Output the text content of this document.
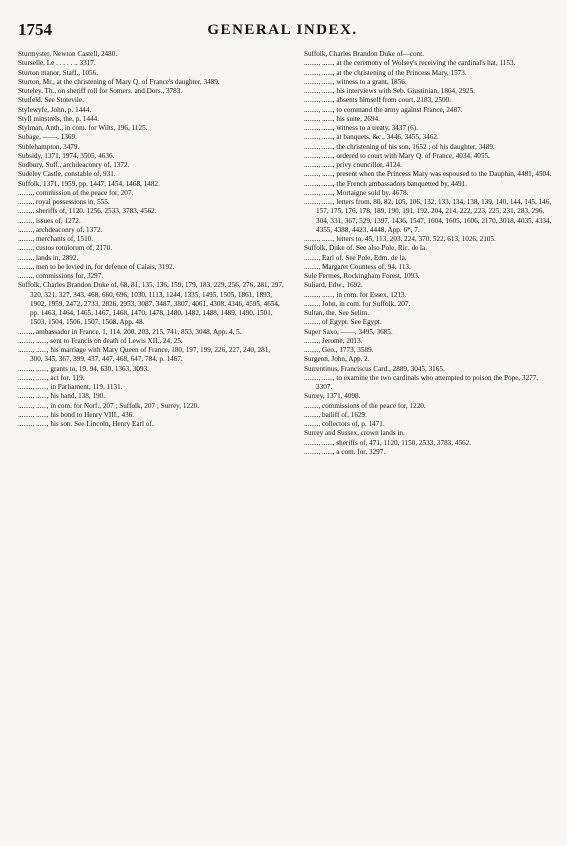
1754	GENERAL INDEX.

Sturmyster, Newton Castell, 2480.

Sturselle, Le . . . . . ., 3317.

Sturton manor, Staff., 1056.

Sturton, Mr., at the christening of Mary Q. of France's daughter, 3489.

Stuteley, Th., on sheriff roll for Somers. and Dors., 3783.

Stutfeld. See Stotevile.

Stylewyfe, John, p. 1444.

Styll minstrels, the, p. 1444.

Stylman, Anth., in com. for Wilts, 196, 1125.

Subage, ——, 1369.

Sublehampton, 3479.

Subsidy, 1371, 1974, 3505, 4636.

Sudbury, Suff., archdeaconry of, 1372.

Sudeley Castle, constable of, 931.

Suffolk, 1371, 1959, pp. 1447, 1454, 1468, 1482.

........, commission of the peace for, 207.

........, royal possessions in, 555.

........, sheriffs of, 1120, 1256, 2533, 3783, 4562.

........, issues of, 1272.

........, archdeaconry of, 1372.

........, merchants of, 1510.

........, custos rotulorum of, 2170.

........, lands in, 2892.

........, men to be levied in, for defence of Calais, 3192.

........, commissions for, 3297.

Suffolk, Charles Brandon Duke of, 68, 81, 135, 136, 159, 179, 183, 229, 256, 276, 281, 297, 320, 321, 327, 343, 468, 660, 696, 1030, 1113, 1244, 1335, 1495, 1505, 1861, 1893, 1902, 1959, 2472, 2733, 2826, 2953, 3087, 3487, 3807, 4061, 4308, 4346, 4595, 4654, pp. 1463, 1464, 1465, 1467, 1468, 1470, 1478, 1480, 1482, 1488, 1489, 1490, 1501, 1503, 1504, 1506, 1507, 1508, App. 48.

........, ambassador in France, 1, 114, 200, 203, 215, 741, 853, 3048, App. 4, 5.

........, ......, sent to Francis on death of Lewis XII., 24, 25.

........, ......, his marriage with Mary Queen of France, 180, 197, 199, 226, 227, 240, 281, 300, 345, 367, 399, 437, 447, 468, 647, 784, p. 1467.

........, ......, grants to, 19, 94, 630, 1363, 3093.

........, ......, act for, 119.

........, ......, in Parliament, 119, 1131.

........, ......, his hand, 138, 190.

........, ......, in com. for Norf., 207 ; Suffolk, 207 ; Surrey, 1220.

........, ......, his bond to Henry VIII., 436.

........, ......, his son. See Lincoln, Henry Earl of.

Suffolk, Charles Brandon Duke of—cont.

........, ......, at the ceremony of Wolsey's receiving the cardinal's hat, 1153.

........, ......, at the christening of the Princess Mary, 1573.

........, ......, witness to a grant, 1856.

........, ......, his interviews with Seb. Giustinian, 1864, 2925.

........, ......, absents himself from court, 2183, 2500.

........, ......, to command the army against France, 2487.

........, ......, his suite, 2694.

........, ......, witness to a treaty, 3437 (6).

........, ......, at banquets, &c., 3446, 3455, 3462.

........, ......, the christening of his son, 1652 ; of his daughter, 3489.

........, ......, ordered to court with Mary Q. of France, 4034, 4055.

........, ......, privy councillor, 4124.

........, ......, present when the Princess Mary was espoused to the Dauphin, 4481, 4504.

........, ......, the French ambassadors banquetted by, 4491.

........, ......, Mortaigne sold by, 4678.

........, ......, letters from, 80, 82, 105, 106, 132, 133, 134, 138, 139, 140, 144, 145, 146, 157, 175, 176, 178, 189, 190, 191, 192, 204, 214, 222, 223, 225, 231, 283, 296, 304, 331, 367, 529, 1397, 1436, 1547, 1604, 1605, 1606, 2170, 3018, 4035, 4334, 4355, 4388, 4423, 4448, App. 6*, 7.

........, ......, letters to, 45, 113, 203, 224, 370, 522, 613, 1026, 2105.

Suffolk, Duke of. See also Pole, Ric. de la.

........, Earl of. See Pole, Edm. de la.

........, Margaret Countess of, 94, 113.

Sule Fermes, Rockingham Forest, 1093.

Suliard, Edw., 1692.

........, ......, in com. for Essex, 1213.

........, John, in com. for Suffolk, 207.

Sultan, the. See Selim.

........, of Egypt. See Egypt.

Super Saxo, ——, 3495, 3685.

........, Jerome, 2013.

........, Geo., 1773, 3589.

Surgeon, John, App. 2.

Surrentinus, Franciscus Card., 2889, 3045, 3165.

........, ......, to examine the two cardinals who attempted to poison the Pope, 3277, 3307.

Surrey, 1371, 4098.

........, commissions of the peace for, 1220.

........, bailiff of, 1629.

........, collectors of, p. 1471.

Surrey and Sussex, crown lands in.

........, ......, sheriffs of, 471, 1120, 1150, 2533, 3783, 4562.

........, ......, a com. for, 3297.
